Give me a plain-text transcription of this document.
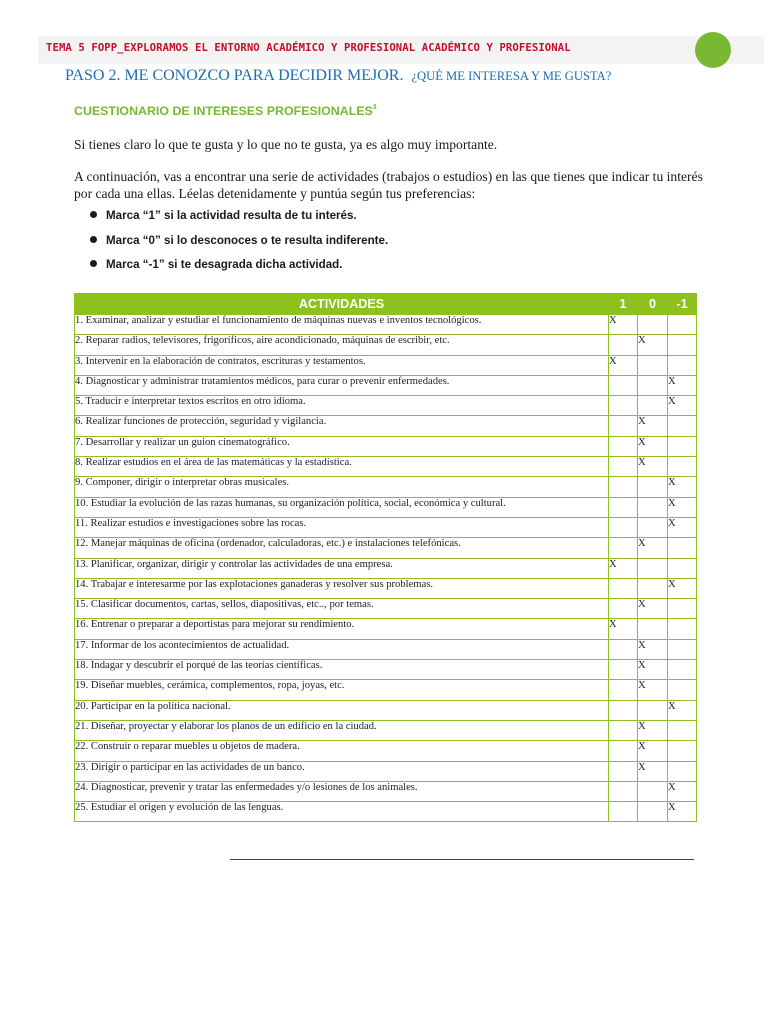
TEMA 5 FOPP_EXPLORAMOS EL ENTORNO ACADÉMICO Y PROFESIONAL ACADÉMICO Y PROFESIONAL
PASO 2. ME CONOZCO PARA DECIDIR MEJOR. ¿QUÉ ME INTERESA Y ME GUSTA?
CUESTIONARIO DE INTERESES PROFESIONALES$^3$
Si tienes claro lo que te gusta y lo que no te gusta, ya es algo muy importante.
A continuación, vas a encontrar una serie de actividades (trabajos o estudios) en las que tienes que indicar tu interés por cada una ellas. Léelas detenidamente y puntúa según tus preferencias:
Marca “1” si la actividad resulta de tu interés.
Marca “0” si lo desconoces o te resulta indiferente.
Marca “-1” si te desagrada dicha actividad.
ACTIVIDADES	1	0	-1
1. Examinar, analizar y estudiar el funcionamiento de máquinas nuevas e inventos tecnológicos.	X		
2. Reparar radios, televisores, frigoríficos, aire acondicionado, máquinas de escribir, etc.		X	
3. Intervenir en la elaboración de contratos, escrituras y testamentos.	X		
4. Diagnosticar y administrar tratamientos médicos, para curar o prevenir enfermedades.			X
5. Traducir e interpretar textos escritos en otro idioma.			X
6. Realizar funciones de protección, seguridad y vigilancia.		X	
7. Desarrollar y realizar un guion cinematográfico.		X	
8. Realizar estudios en el área de las matemáticas y la estadística.		X	
9. Componer, dirigir o interpretar obras musicales.			X
10. Estudiar la evolución de las razas humanas, su organización política, social, económica y cultural.			X
11. Realizar estudios e investigaciones sobre las rocas.			X
12. Manejar máquinas de oficina (ordenador, calculadoras, etc.) e instalaciones telefónicas.		X	
13. Planificar, organizar, dirigir y controlar las actividades de una empresa.	X		
14. Trabajar e interesarme por las explotaciones ganaderas y resolver sus problemas.			X
15. Clasificar documentos, cartas, sellos, diapositivas, etc.., por temas.		X	
16. Entrenar o preparar a deportistas para mejorar su rendimiento.	X		
17. Informar de los acontecimientos de actualidad.		X	
18. Indagar y descubrir el porqué de las teorías científicas.		X	
19. Diseñar muebles, cerámica, complementos, ropa, joyas, etc.		X	
20. Participar en la política nacional.			X
21. Diseñar, proyectar y elaborar los planos de un edificio en la ciudad.		X	
22. Construir o reparar muebles u objetos de madera.		X	
23. Dirigir o participar en las actividades de un banco.		X	
24. Diagnosticar, prevenir y tratar las enfermedades y/o lesiones de los animales.			X
25. Estudiar el origen y evolución de las lenguas.			X
